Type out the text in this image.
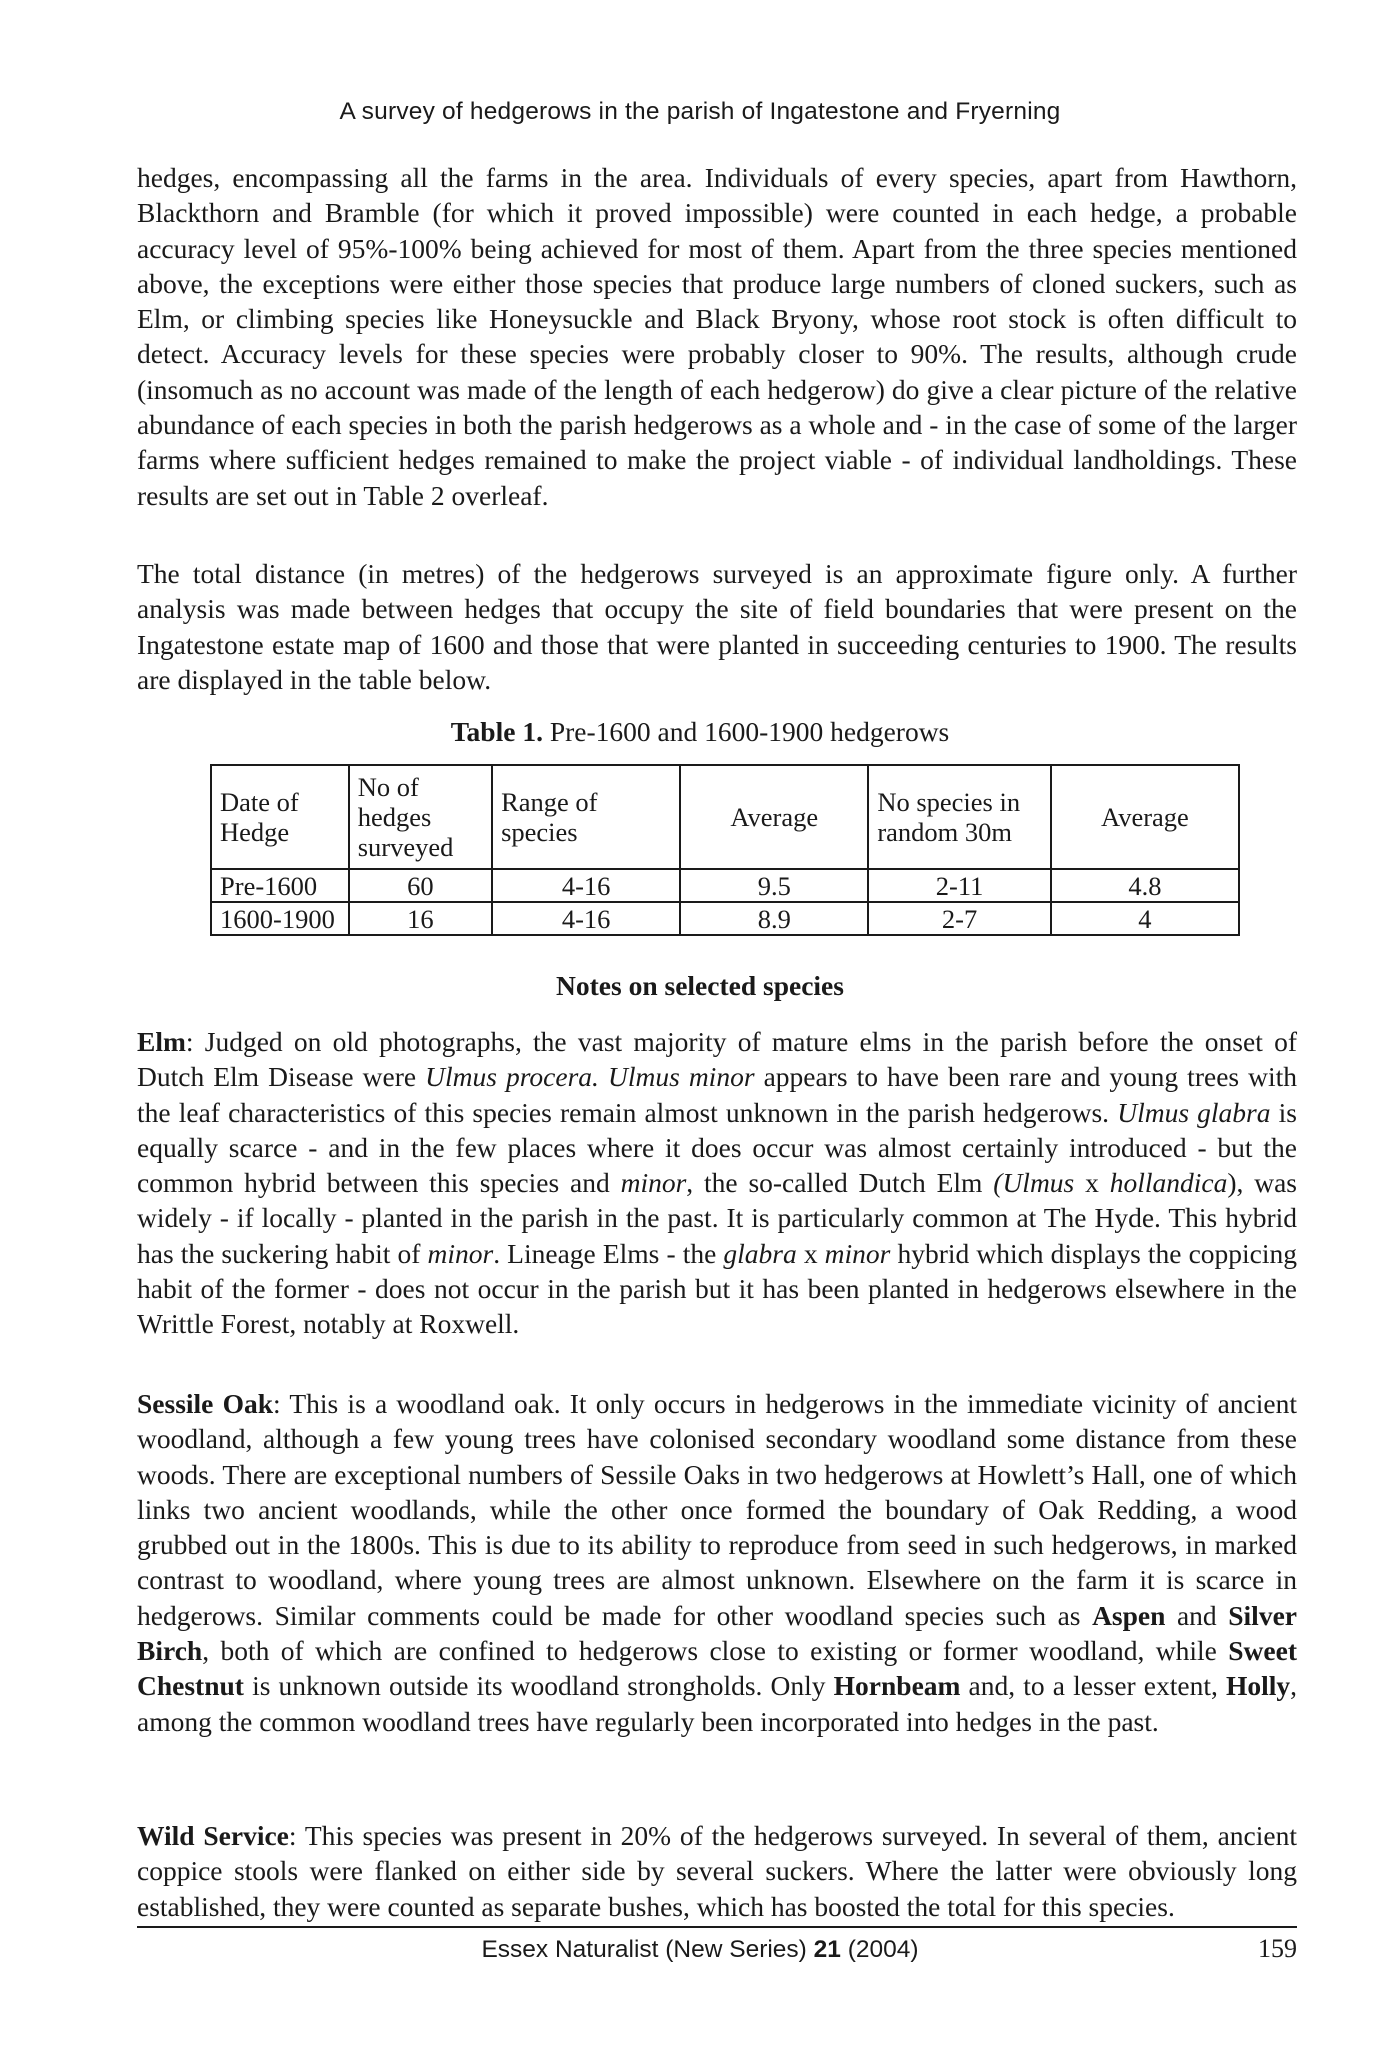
A survey of hedgerows in the parish of Ingatestone and Fryerning

hedges, encompassing all the farms in the area. Individuals of every species, apart from Hawthorn, Blackthorn and Bramble (for which it proved impossible) were counted in each hedge, a probable accuracy level of 95%-100% being achieved for most of them. Apart from the three species mentioned above, the exceptions were either those species that produce large numbers of cloned suckers, such as Elm, or climbing species like Honeysuckle and Black Bryony, whose root stock is often difficult to detect. Accuracy levels for these species were probably closer to 90%. The results, although crude (insomuch as no account was made of the length of each hedgerow) do give a clear picture of the relative abundance of each species in both the parish hedgerows as a whole and - in the case of some of the larger farms where sufficient hedges remained to make the project viable - of individual landholdings. These results are set out in Table 2 overleaf.

The total distance (in metres) of the hedgerows surveyed is an approximate figure only. A further analysis was made between hedges that occupy the site of field boundaries that were present on the Ingatestone estate map of 1600 and those that were planted in succeeding centuries to 1900. The results are displayed in the table below.

Table 1. Pre-1600 and 1600-1900 hedgerows
Date of Hedge	No of hedges surveyed	Range of species	Average	No species in random 30m	Average
Pre-1600	60	4-16	9.5	2-11	4.8
1600-1900	16	4-16	8.9	2-7	4
Notes on selected species

Elm: Judged on old photographs, the vast majority of mature elms in the parish before the onset of Dutch Elm Disease were Ulmus procera. Ulmus minor appears to have been rare and young trees with the leaf characteristics of this species remain almost unknown in the parish hedgerows. Ulmus glabra is equally scarce - and in the few places where it does occur was almost certainly introduced - but the common hybrid between this species and minor, the so-called Dutch Elm (Ulmus x hollandica), was widely - if locally - planted in the parish in the past. It is particularly common at The Hyde. This hybrid has the suckering habit of minor. Lineage Elms - the glabra x minor hybrid which displays the coppicing habit of the former - does not occur in the parish but it has been planted in hedgerows elsewhere in the Writtle Forest, notably at Roxwell.

Sessile Oak: This is a woodland oak. It only occurs in hedgerows in the immediate vicinity of ancient woodland, although a few young trees have colonised secondary woodland some distance from these woods. There are exceptional numbers of Sessile Oaks in two hedgerows at Howlett’s Hall, one of which links two ancient woodlands, while the other once formed the boundary of Oak Redding, a wood grubbed out in the 1800s. This is due to its ability to reproduce from seed in such hedgerows, in marked contrast to woodland, where young trees are almost unknown. Elsewhere on the farm it is scarce in hedgerows. Similar comments could be made for other woodland species such as Aspen and Silver Birch, both of which are confined to hedgerows close to existing or former woodland, while Sweet Chestnut is unknown outside its woodland strongholds. Only Hornbeam and, to a lesser extent, Holly, among the common woodland trees have regularly been incorporated into hedges in the past.

Wild Service: This species was present in 20% of the hedgerows surveyed. In several of them, ancient coppice stools were flanked on either side by several suckers. Where the latter were obviously long established, they were counted as separate bushes, which has boosted the total for this species.

Essex Naturalist (New Series) 21 (2004)	159
